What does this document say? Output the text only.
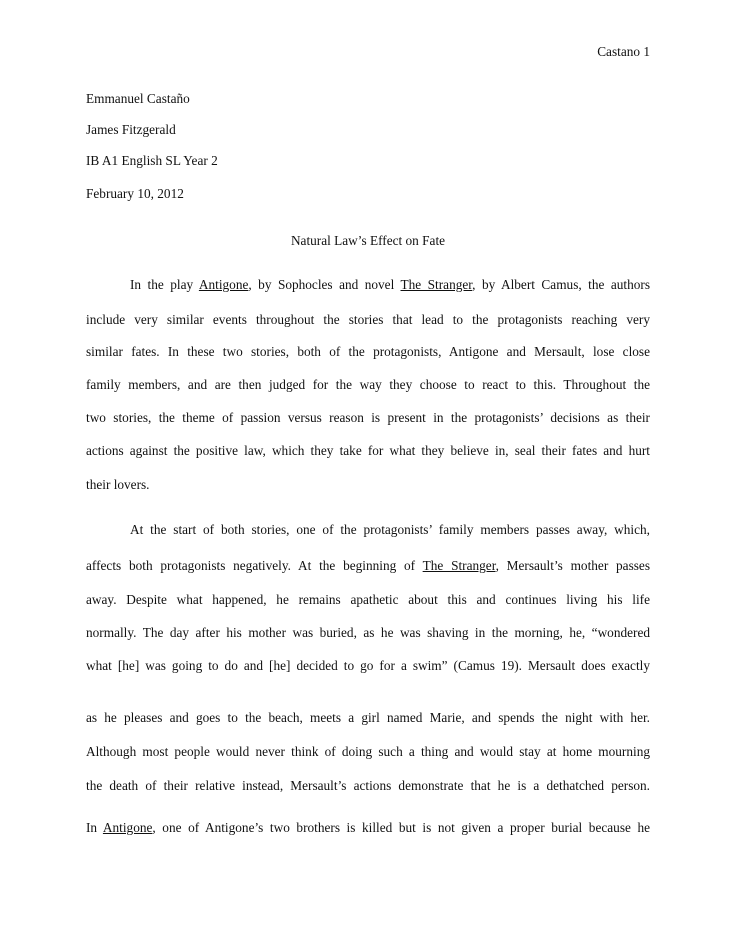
Castano 1
Emmanuel Castaño
James Fitzgerald
IB A1 English SL Year 2
February 10, 2012
Natural Law’s Effect on Fate
In the play Antigone, by Sophocles and novel The Stranger, by Albert Camus, the authors
include very similar events throughout the stories that lead to the protagonists reaching very
similar fates. In these two stories, both of the protagonists, Antigone and Mersault, lose close
family members, and are then judged for the way they choose to react to this. Throughout the
two stories, the theme of passion versus reason is present in the protagonists’ decisions as their
actions against the positive law, which they take for what they believe in, seal their fates and hurt
their lovers.
At the start of both stories, one of the protagonists’ family members passes away, which,
affects both protagonists negatively. At the beginning of The Stranger, Mersault’s mother passes
away. Despite what happened, he remains apathetic about this and continues living his life
normally. The day after his mother was buried, as he was shaving in the morning, he, “wondered
what [he] was going to do and [he] decided to go for a swim” (Camus 19). Mersault does exactly
as he pleases and goes to the beach, meets a girl named Marie, and spends the night with her.
Although most people would never think of doing such a thing and would stay at home mourning
the death of their relative instead, Mersault’s actions demonstrate that he is a dethatched person.
In Antigone, one of Antigone’s two brothers is killed but is not given a proper burial because he
